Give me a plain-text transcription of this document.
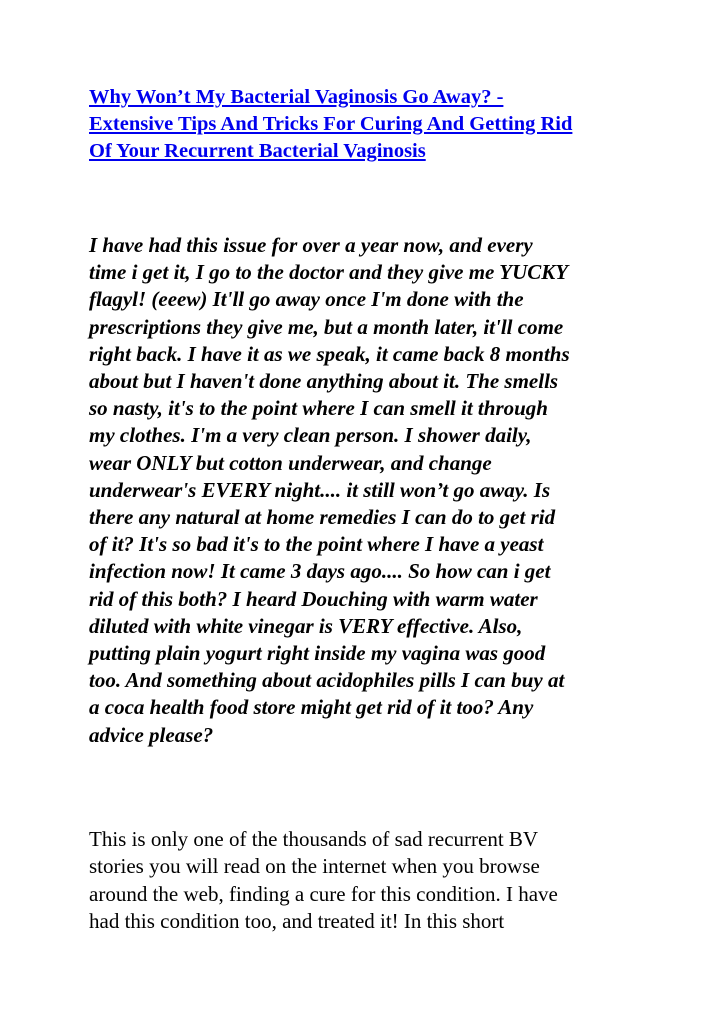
Why Won’t My Bacterial Vaginosis Go Away? -
Extensive Tips And Tricks For Curing And Getting Rid
Of Your Recurrent Bacterial Vaginosis

I have had this issue for over a year now, and every
time i get it, I go to the doctor and they give me YUCKY
flagyl! (eeew) It'll go away once I'm done with the
prescriptions they give me, but a month later, it'll come
right back. I have it as we speak, it came back 8 months
about but I haven't done anything about it. The smells
so nasty, it's to the point where I can smell it through
my clothes. I'm a very clean person. I shower daily,
wear ONLY but cotton underwear, and change
underwear's EVERY night.... it still won’t go away. Is
there any natural at home remedies I can do to get rid
of it? It's so bad it's to the point where I have a yeast
infection now! It came 3 days ago.... So how can i get
rid of this both? I heard Douching with warm water
diluted with white vinegar is VERY effective. Also,
putting plain yogurt right inside my vagina was good
too. And something about acidophiles pills I can buy at
a coca health food store might get rid of it too? Any
advice please?

This is only one of the thousands of sad recurrent BV
stories you will read on the internet when you browse
around the web, finding a cure for this condition. I have
had this condition too, and treated it! In this short
